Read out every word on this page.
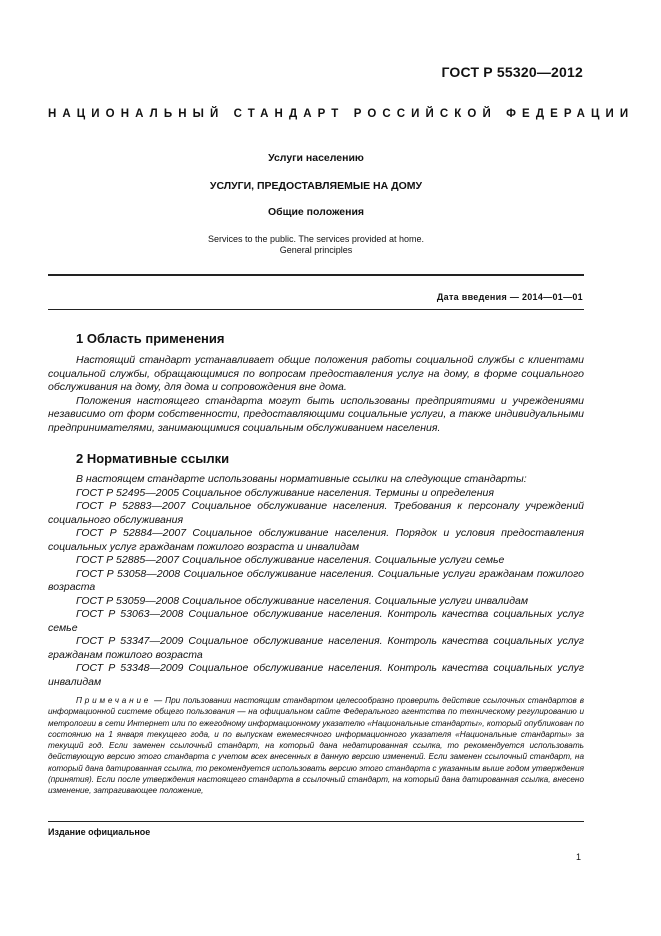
ГОСТ Р 55320—2012
НАЦИОНАЛЬНЫЙ СТАНДАРТ РОССИЙСКОЙ ФЕДЕРАЦИИ
Услуги населению
УСЛУГИ, ПРЕДОСТАВЛЯЕМЫЕ НА ДОМУ
Общие положения
Services to the public. The services provided at home.
General principles
Дата введения — 2014—01—01
1 Область применения

Настоящий стандарт устанавливает общие положения работы социальной службы с клиентами социальной службы, обращающимися по вопросам предоставления услуг на дому, в форме социального обслуживания на дому, для дома и сопровождения вне дома.

Положения настоящего стандарта могут быть использованы предприятиями и учреждениями независимо от форм собственности, предоставляющими социальные услуги, а также индивидуальными предпринимателями, занимающимися социальным обслуживанием населения.

2 Нормативные ссылки

В настоящем стандарте использованы нормативные ссылки на следующие стандарты:

ГОСТ Р 52495—2005 Социальное обслуживание населения. Термины и определения

ГОСТ Р 52883—2007 Социальное обслуживание населения. Требования к персоналу учреждений социального обслуживания

ГОСТ Р 52884—2007 Социальное обслуживание населения. Порядок и условия предоставления социальных услуг гражданам пожилого возраста и инвалидам

ГОСТ Р 52885—2007 Социальное обслуживание населения. Социальные услуги семье

ГОСТ Р 53058—2008 Социальное обслуживание населения. Социальные услуги гражданам пожилого возраста

ГОСТ Р 53059—2008 Социальное обслуживание населения. Социальные услуги инвалидам

ГОСТ Р 53063—2008 Социальное обслуживание населения. Контроль качества социальных услуг семье

ГОСТ Р 53347—2009 Социальное обслуживание населения. Контроль качества социальных услуг гражданам пожилого возраста

ГОСТ Р 53348—2009 Социальное обслуживание населения. Контроль качества социальных услуг инвалидам

Примечание — При пользовании настоящим стандартом целесообразно проверить действие ссылочных стандартов в информационной системе общего пользования — на официальном сайте Федерального агентства по техническому регулированию и метрологии в сети Интернет или по ежегодному информационному указателю «Национальные стандарты», который опубликован по состоянию на 1 января текущего года, и по выпускам ежемесячного информационного указателя «Национальные стандарты» за текущий год. Если заменен ссылочный стандарт, на который дана недатированная ссылка, то рекомендуется использовать действующую версию этого стандарта с учетом всех внесенных в данную версию изменений. Если заменен ссылочный стандарт, на который дана датированная ссылка, то рекомендуется использовать версию этого стандарта с указанным выше годом утверждения (принятия). Если после утверждения настоящего стандарта в ссылочный стандарт, на который дана датированная ссылка, внесено изменение, затрагивающее положение,
Издание официальное
1
